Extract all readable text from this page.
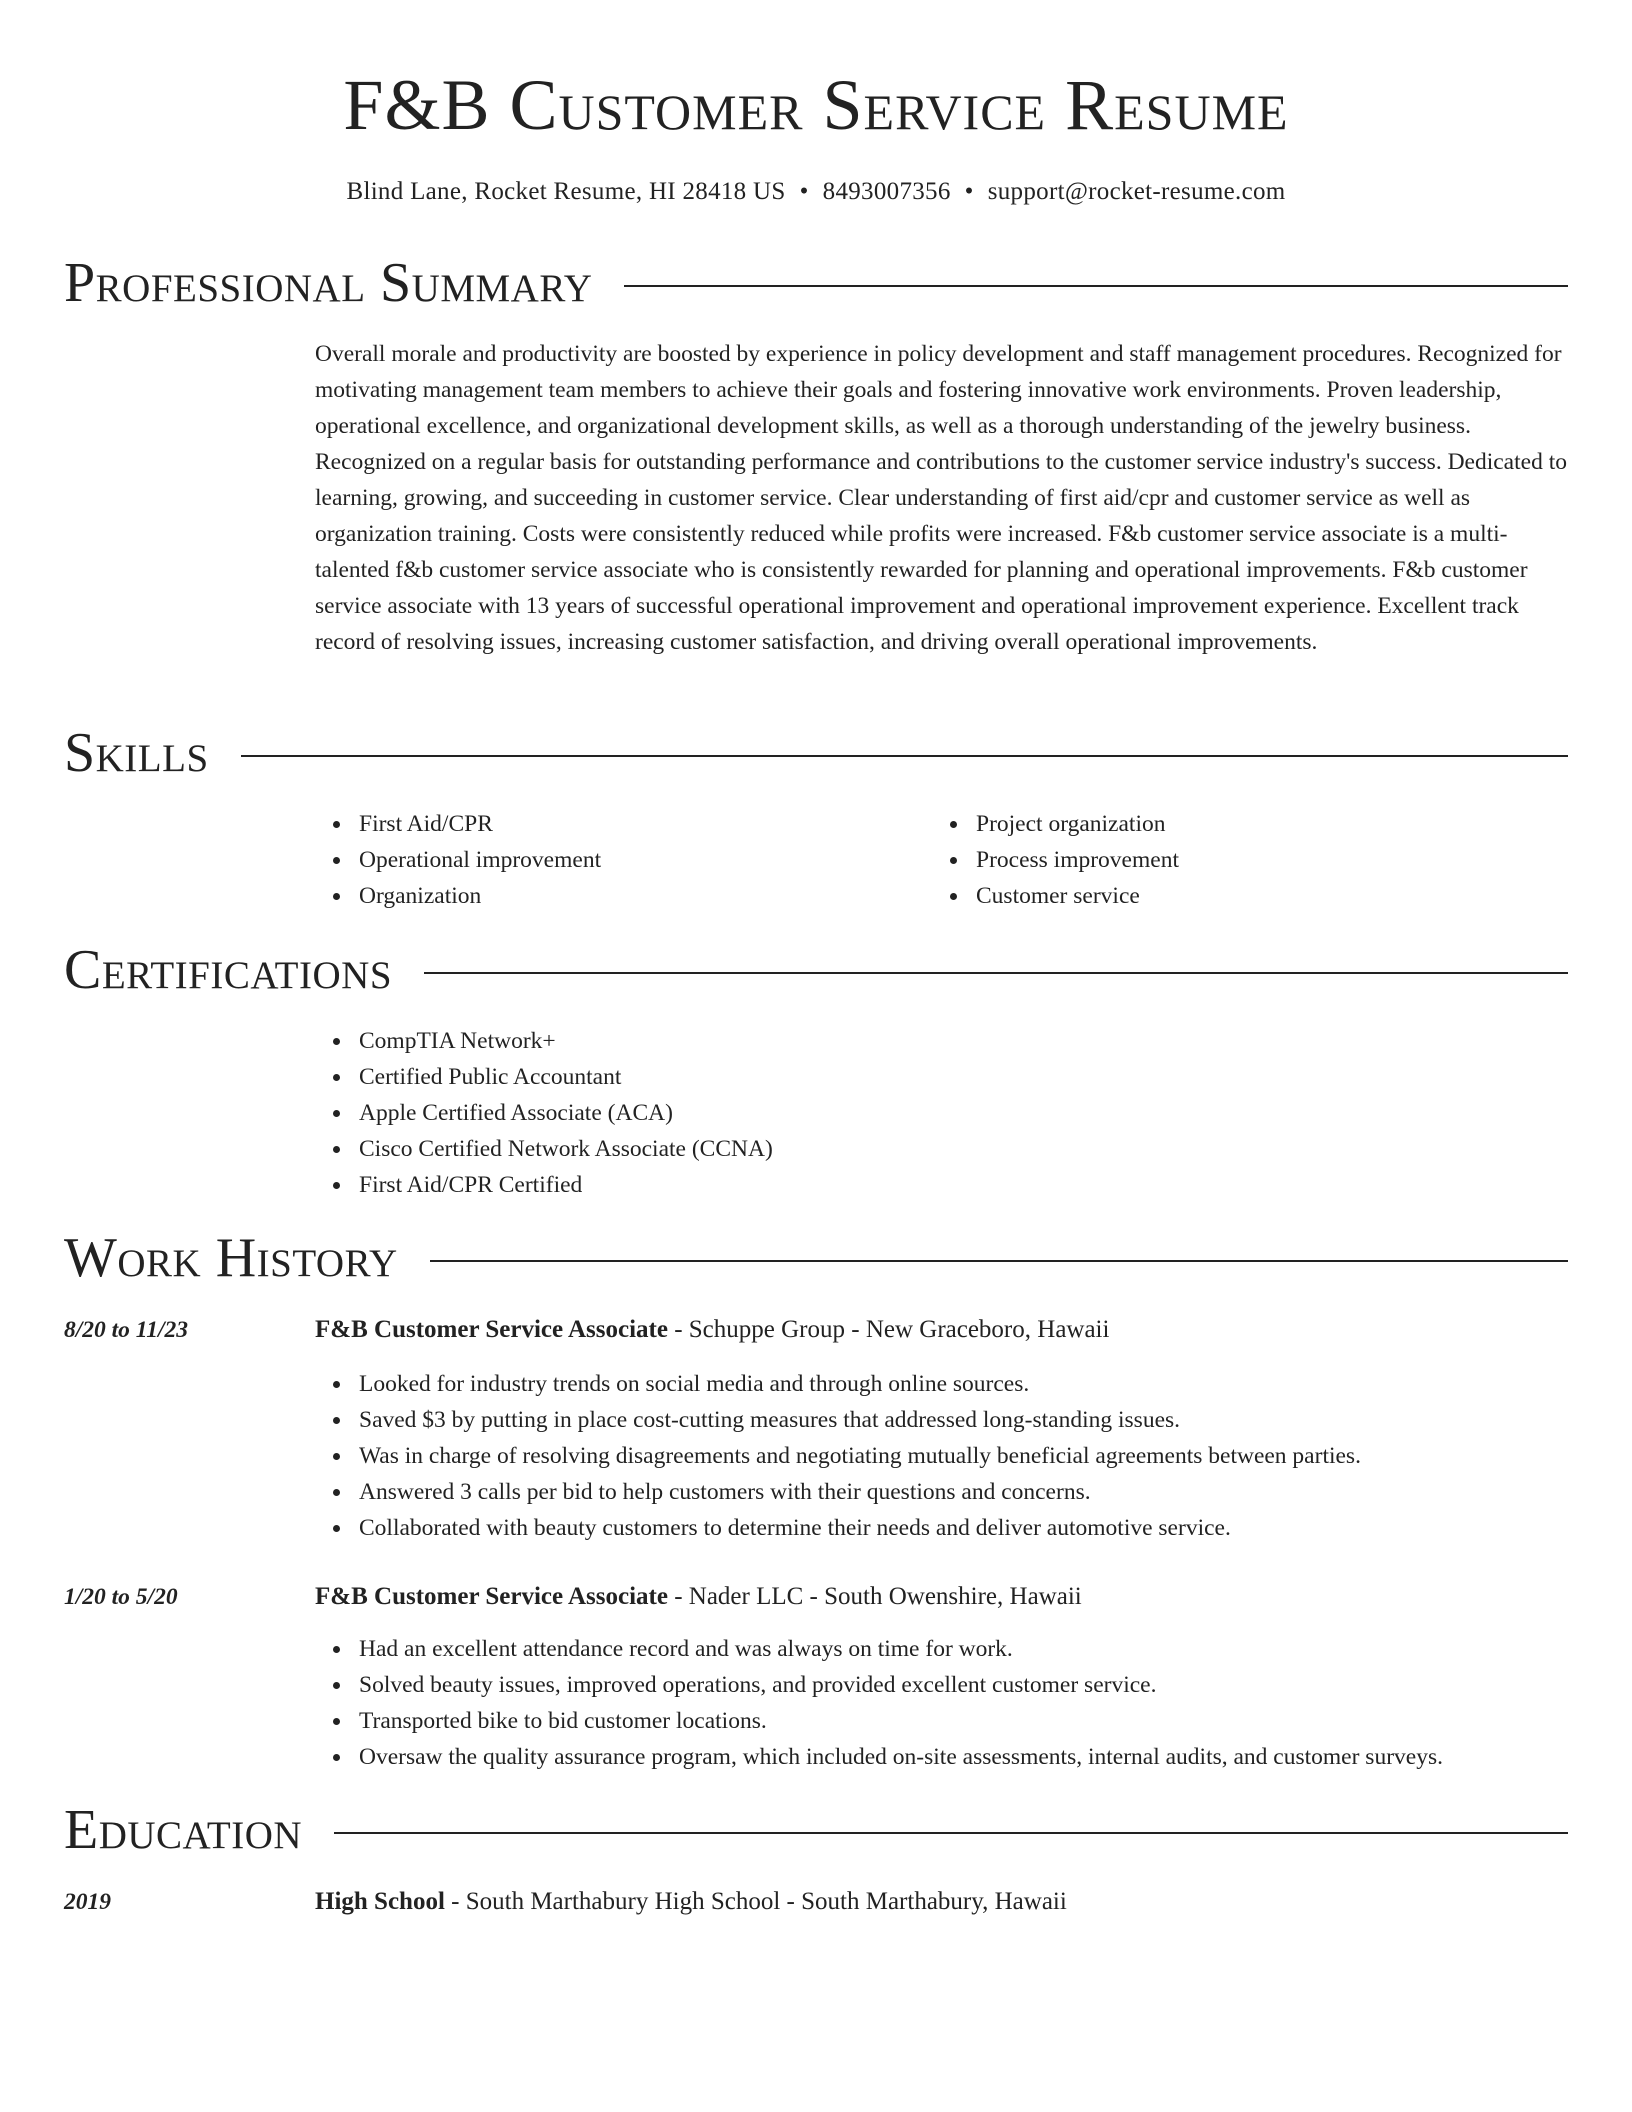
F&B Customer Service Resume
Blind Lane, Rocket Resume, HI 28418 US • 8493007356 • support@rocket-resume.com
Professional Summary

Overall morale and productivity are boosted by experience in policy development and staff management procedures. Recognized for motivating management team members to achieve their goals and fostering innovative work environments. Proven leadership, operational excellence, and organizational development skills, as well as a thorough understanding of the jewelry business. Recognized on a regular basis for outstanding performance and contributions to the customer service industry's success. Dedicated to learning, growing, and succeeding in customer service. Clear understanding of first aid/cpr and customer service as well as organization training. Costs were consistently reduced while profits were increased. F&b customer service associate is a multi-talented f&b customer service associate who is consistently rewarded for planning and operational improvements. F&b customer service associate with 13 years of successful operational improvement and operational improvement experience. Excellent track record of resolving issues, increasing customer satisfaction, and driving overall operational improvements.

Skills
First Aid/CPR
Operational improvement
Organization
Project organization
Process improvement
Customer service
Certifications
CompTIA Network+
Certified Public Accountant
Apple Certified Associate (ACA)
Cisco Certified Network Associate (CCNA)
First Aid/CPR Certified
Work History
8/20 to 11/23	F&B Customer Service Associate - Schuppe Group - New Graceboro, Hawaii
Looked for industry trends on social media and through online sources.
Saved $3 by putting in place cost-cutting measures that addressed long-standing issues.
Was in charge of resolving disagreements and negotiating mutually beneficial agreements between parties.
Answered 3 calls per bid to help customers with their questions and concerns.
Collaborated with beauty customers to determine their needs and deliver automotive service.
1/20 to 5/20	F&B Customer Service Associate - Nader LLC - South Owenshire, Hawaii
Had an excellent attendance record and was always on time for work.
Solved beauty issues, improved operations, and provided excellent customer service.
Transported bike to bid customer locations.
Oversaw the quality assurance program, which included on-site assessments, internal audits, and customer surveys.
Education
2019	High School - South Marthabury High School - South Marthabury, Hawaii
